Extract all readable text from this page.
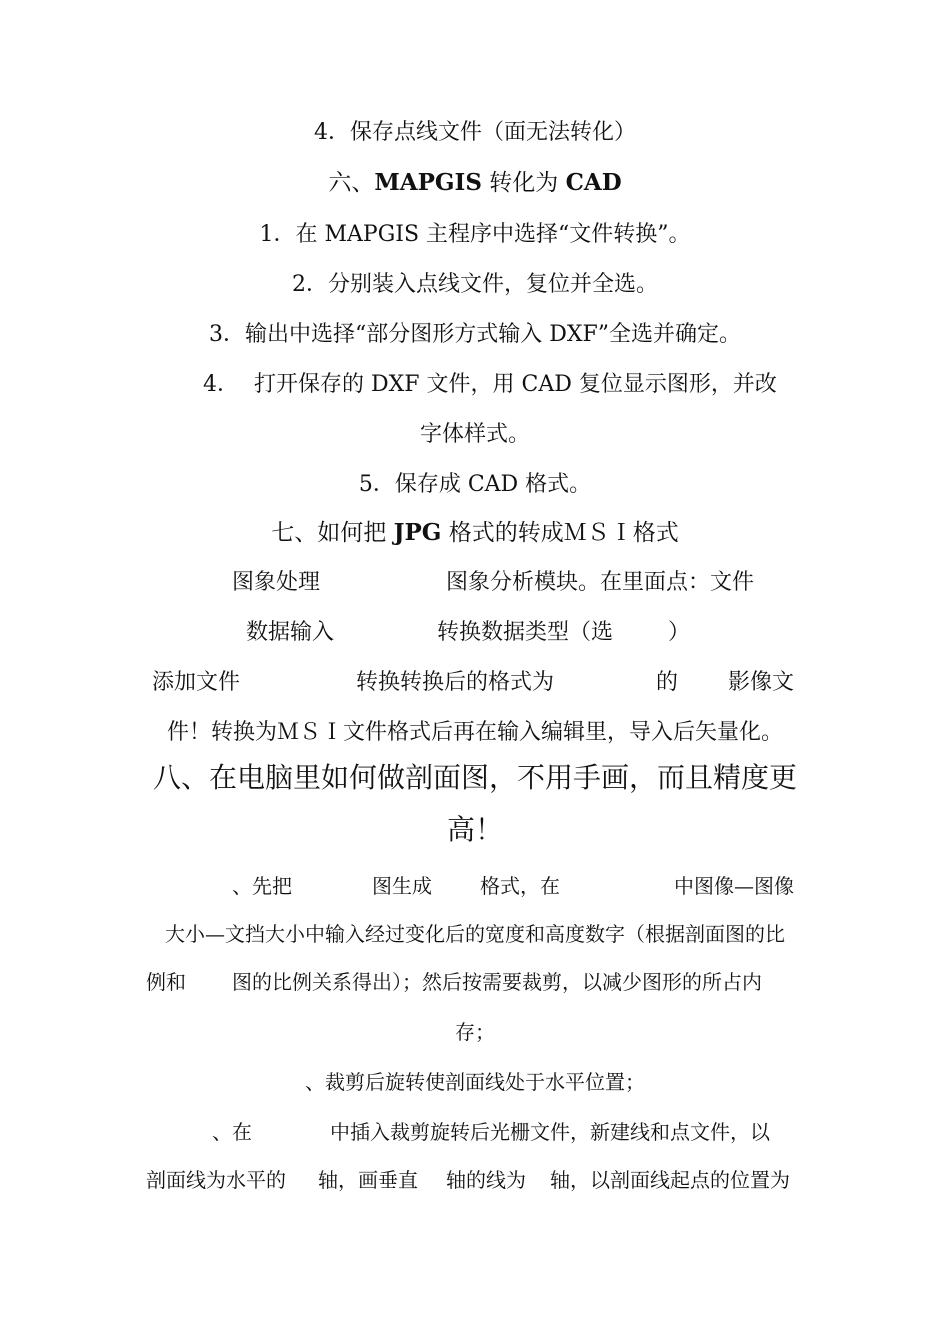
4．保存点线文件（面无法转化）
六、MAPGIS 转化为 CAD
1．在 MAPGIS 主程序中选择“文件转换”。
2．分别装入点线文件，复位并全选。
3．输出中选择“部分图形方式输入 DXF”全选并确定。
4． 打开保存的 DXF 文件，用 CAD 复位显示图形，并改
字体样式。
5．保存成 CAD 格式。
七、如何把 JPG 格式的转成ＭＳＩ格式
图象处理	图象分析模块。在里面点：文件
数据输入	转换数据类型（选 ）
添加文件	转换转换后的格式为	的 影像文
件！转换为ＭＳＩ文件格式后再在输入编辑里，导入后矢量化。
八、在电脑里如何做剖面图，不用手画，而且精度更
高！
、先把	图生成 格式，在	中图像—图像
大小—文挡大小中输入经过变化后的宽度和高度数字（根据剖面图的比
例和 图的比例关系得出）；然后按需要裁剪，以减少图形的所占内
存；
、裁剪后旋转使剖面线处于水平位置；
、在	中插入裁剪旋转后光栅文件，新建线和点文件，以
剖面线为水平的 轴，画垂直 轴的线为 轴，以剖面线起点的位置为
